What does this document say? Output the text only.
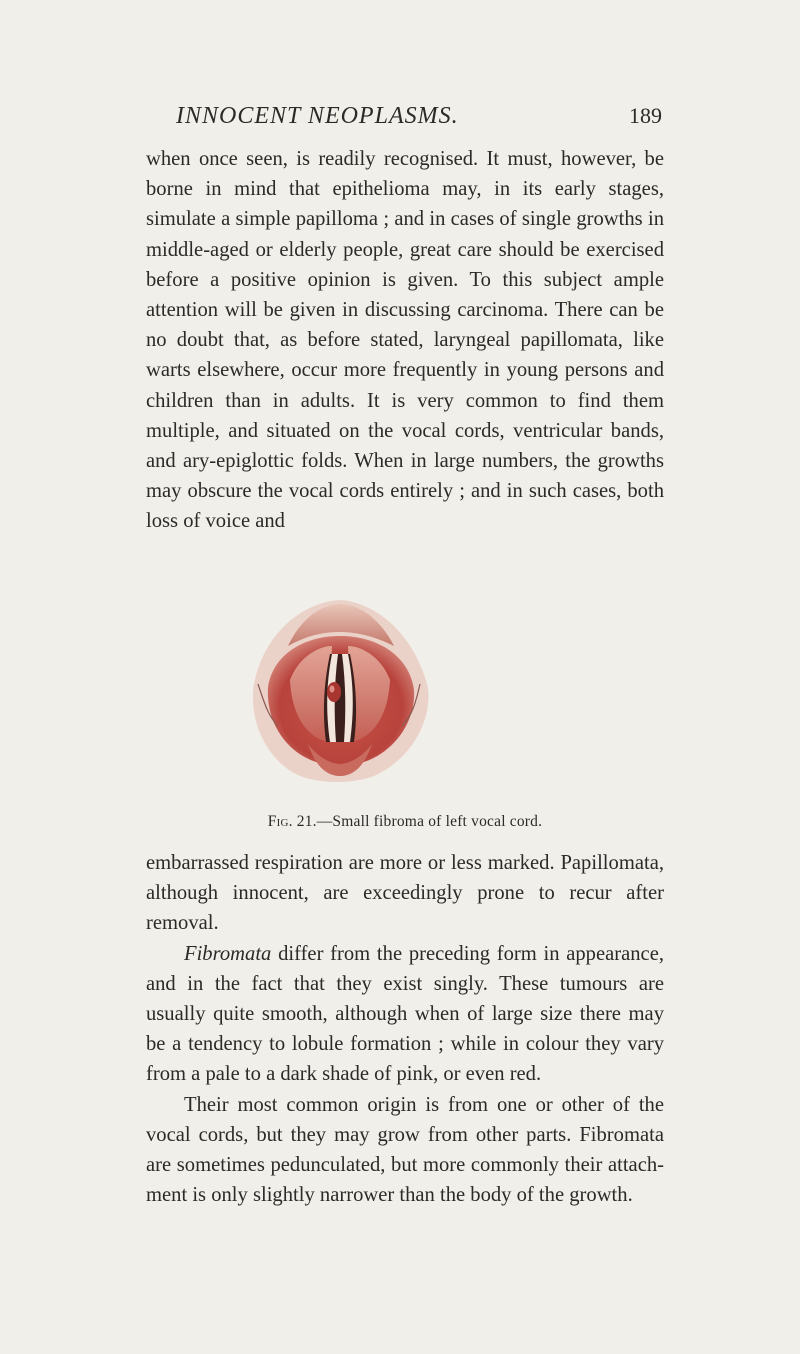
INNOCENT NEOPLASMS.	189

when once seen, is readily recognised. It must, however, be borne in mind that epithelioma may, in its early stages, simulate a simple papilloma ; and in cases of single growths in middle-aged or elderly people, great care should be exercised before a positive opinion is given. To this subject ample attention will be given in discussing carcinoma. There can be no doubt that, as before stated, laryngeal papillomata, like warts elsewhere, occur more frequently in young persons and children than in adults. It is very common to find them multiple, and situated on the vocal cords, ventricular bands, and ary-epiglottic folds. When in large numbers, the growths may obscure the vocal cords entirely ; and in such cases, both loss of voice and

Fig. 21.—Small fibroma of left vocal cord.

embarrassed respiration are more or less marked. Papillomata, although innocent, are exceedingly prone to recur after removal.

Fibromata differ from the preceding form in appearance, and in the fact that they exist singly. These tumours are usually quite smooth, although when of large size there may be a tendency to lobule formation ; while in colour they vary from a pale to a dark shade of pink, or even red.

Their most common origin is from one or other of the vocal cords, but they may grow from other parts. Fibromata are sometimes pedunculated, but more commonly their attach- ment is only slightly narrower than the body of the growth.
